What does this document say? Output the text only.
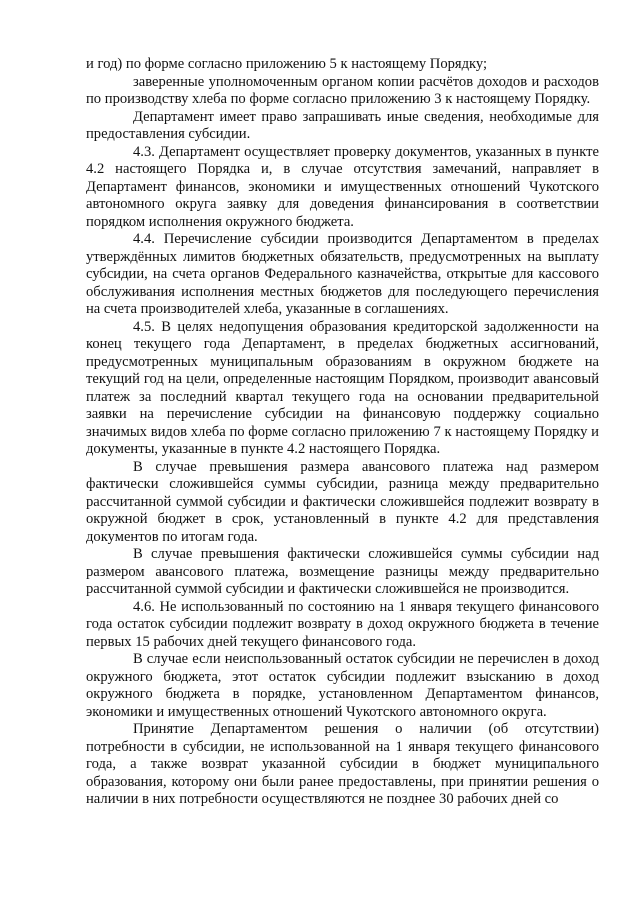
и год) по форме согласно приложению 5 к настоящему Порядку;

заверенные уполномоченным органом копии расчётов доходов и расходов по производству хлеба по форме согласно приложению 3 к настоящему Порядку.

Департамент имеет право запрашивать иные сведения, необходимые для предоставления субсидии.

4.3. Департамент осуществляет проверку документов, указанных в пункте 4.2 настоящего Порядка и, в случае отсутствия замечаний, направляет в Департамент финансов, экономики и имущественных отношений Чукотского автономного округа заявку для доведения финансирования в соответствии порядком исполнения окружного бюджета.

4.4. Перечисление субсидии производится Департаментом в пределах утверждённых лимитов бюджетных обязательств, предусмотренных на выплату субсидии, на счета органов Федерального казначейства, открытые для кассового обслуживания исполнения местных бюджетов для последующего перечисления на счета производителей хлеба, указанные в соглашениях.

4.5. В целях недопущения образования кредиторской задолженности на конец текущего года Департамент, в пределах бюджетных ассигнований, предусмотренных муниципальным образованиям в окружном бюджете на текущий год на цели, определенные настоящим Порядком, производит авансовый платеж за последний квартал текущего года на основании предварительной заявки на перечисление субсидии на финансовую поддержку социально значимых видов хлеба по форме согласно приложению 7 к настоящему Порядку и документы, указанные в пункте 4.2 настоящего Порядка.

В случае превышения размера авансового платежа над размером фактически сложившейся суммы субсидии, разница между предварительно рассчитанной суммой субсидии и фактически сложившейся подлежит возврату в окружной бюджет в срок, установленный в пункте 4.2 для представления документов по итогам года.

В случае превышения фактически сложившейся суммы субсидии над размером авансового платежа, возмещение разницы между предварительно рассчитанной суммой субсидии и фактически сложившейся не производится.

4.6. Не использованный по состоянию на 1 января текущего финансового года остаток субсидии подлежит возврату в доход окружного бюджета в течение первых 15 рабочих дней текущего финансового года.

В случае если неиспользованный остаток субсидии не перечислен в доход окружного бюджета, этот остаток субсидии подлежит взысканию в доход окружного бюджета в порядке, установленном Департаментом финансов, экономики и имущественных отношений Чукотского автономного округа.

Принятие Департаментом решения о наличии (об отсутствии) потребности в субсидии, не использованной на 1 января текущего финансового года, а также возврат указанной субсидии в бюджет муниципального образования, которому они были ранее предоставлены, при принятии решения о наличии в них потребности осуществляются не позднее 30 рабочих дней со
